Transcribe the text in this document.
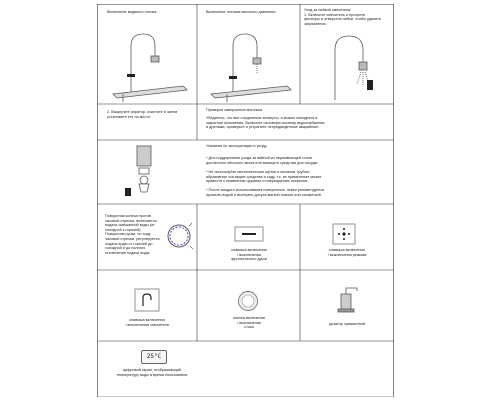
Включение водяного потока.	Включение потоков высокого давления.	Уход за лейкой смесителя:
1. Включите смеситель и протрите
фильтры и отверстия лейки, чтобы удалить
загрязнения.
2. Выкрутите аэратор, очистите и затем
установите его на место.
Проверка завершения монтажа.
Убедитесь, что все соединения затянуты, и можно находится в
закрытом положении. Включите основную систему водоснабжения
и дренажа, проверьте и устраните непредвиденные аварийные.
Указания по эксплуатации и уходу.
* Для поддержания ухода за вайной из нержавеющей стали
достаточно обычного мыла или моющего средства для посуды.
* Не используйте металлические щётки и мочалки, грубые,
абразивные чистящие средства и соду, т.к. их применение может
привести к появлению царапин и повреждению покрытия.
* После каждого использования поверхность лейки рекомендуется
промыть водой и вытереть досуха мягкой тканью или салфеткой.
Поворотом колеса против
часовой стрелки, включается
подача смешанной воды (от
холодной к горячей).
Поворотом ручки, по ходу
часовой стрелки, регулируется
подача воды от горячей до
холодной и до полного
отключения подачи воды.
клавиша включения
/ выключения
фронтального душа
клавиша включения
/ выключения режима
клавиша включения
/ выключения смесителя
кнопка включения
/ выключения
стока
дозатор чуваженной
25°C
цифровой экран, отображающий
температуру воды в время пользования
